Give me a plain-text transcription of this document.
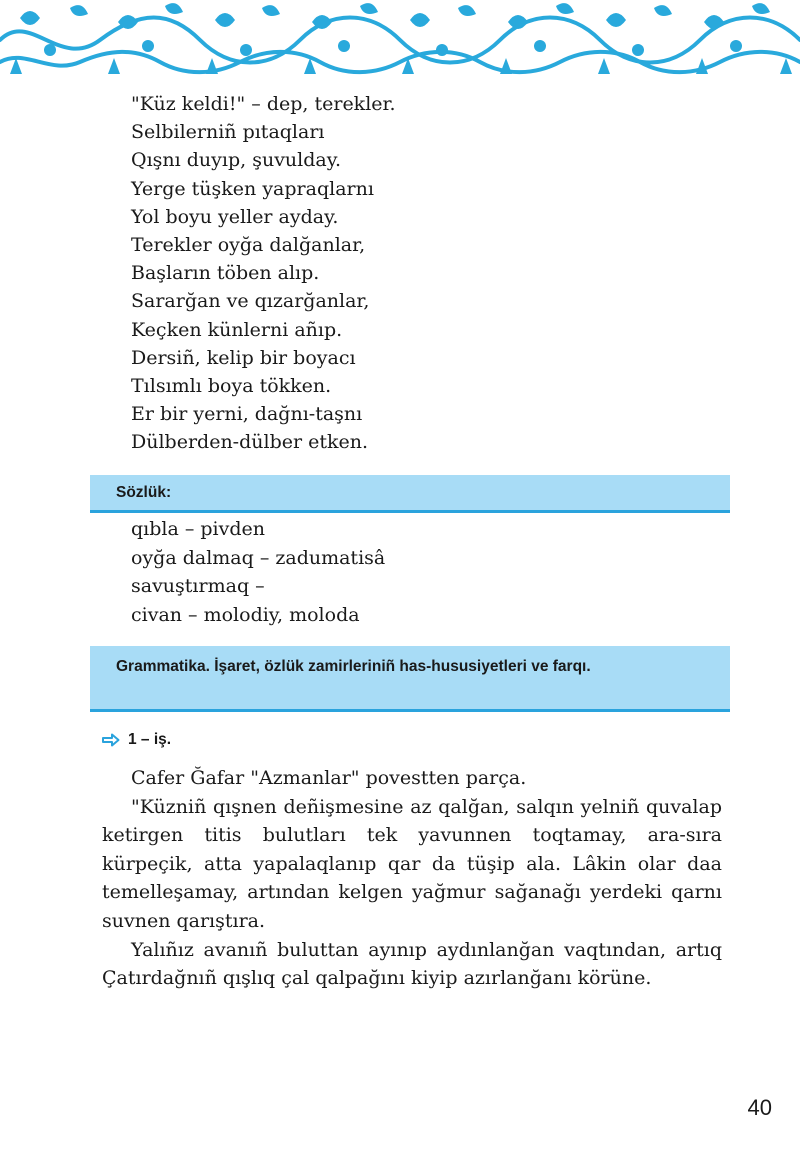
"Küz keldi!" – dep, terekler.
Selbilerniñ pıtaqları
Qışnı duyıp, şuvulday.
Yerge tüşken yapraqlarnı
Yol boyu yeller ayday.
Terekler oyğa dalğanlar,
Başların töben alıp.
Sararğan ve qızarğanlar,
Keçken künlerni añıp.
Dersiñ, kelip bir boyacı
Tılsımlı boya tökken.
Er bir yerni, dağnı-taşnı
Dülberden-dülber etken.
Sözlük:
qıbla – pivden
oyğa dalmaq – zadumatisâ
savuştırmaq –
civan – molodiy, moloda
Grammatika. İşaret, özlük zamirleriniñ has-hususiyetleri ve farqı.
1 – iş.

Cafer Ğafar "Azmanlar" povestten parça.

"Küzniñ qışnen deñişmesine az qalğan, salqın yelniñ quvalap ketirgen titis bulutları tek yavunnen toqtamay, ara-sıra kürpeçik, atta yapalaqlanıp qar da tüşip ala. Lâkin olar daa temelleşamay, artından kelgen yağmur sağanağı yerdeki qarnı suvnen qarıştıra.

Yalıñız avanıñ buluttan ayınıp aydınlanğan vaqtından, artıq Çatırdağnıñ qışlıq çal qalpağını kiyip azırlanğanı körüne.

40
